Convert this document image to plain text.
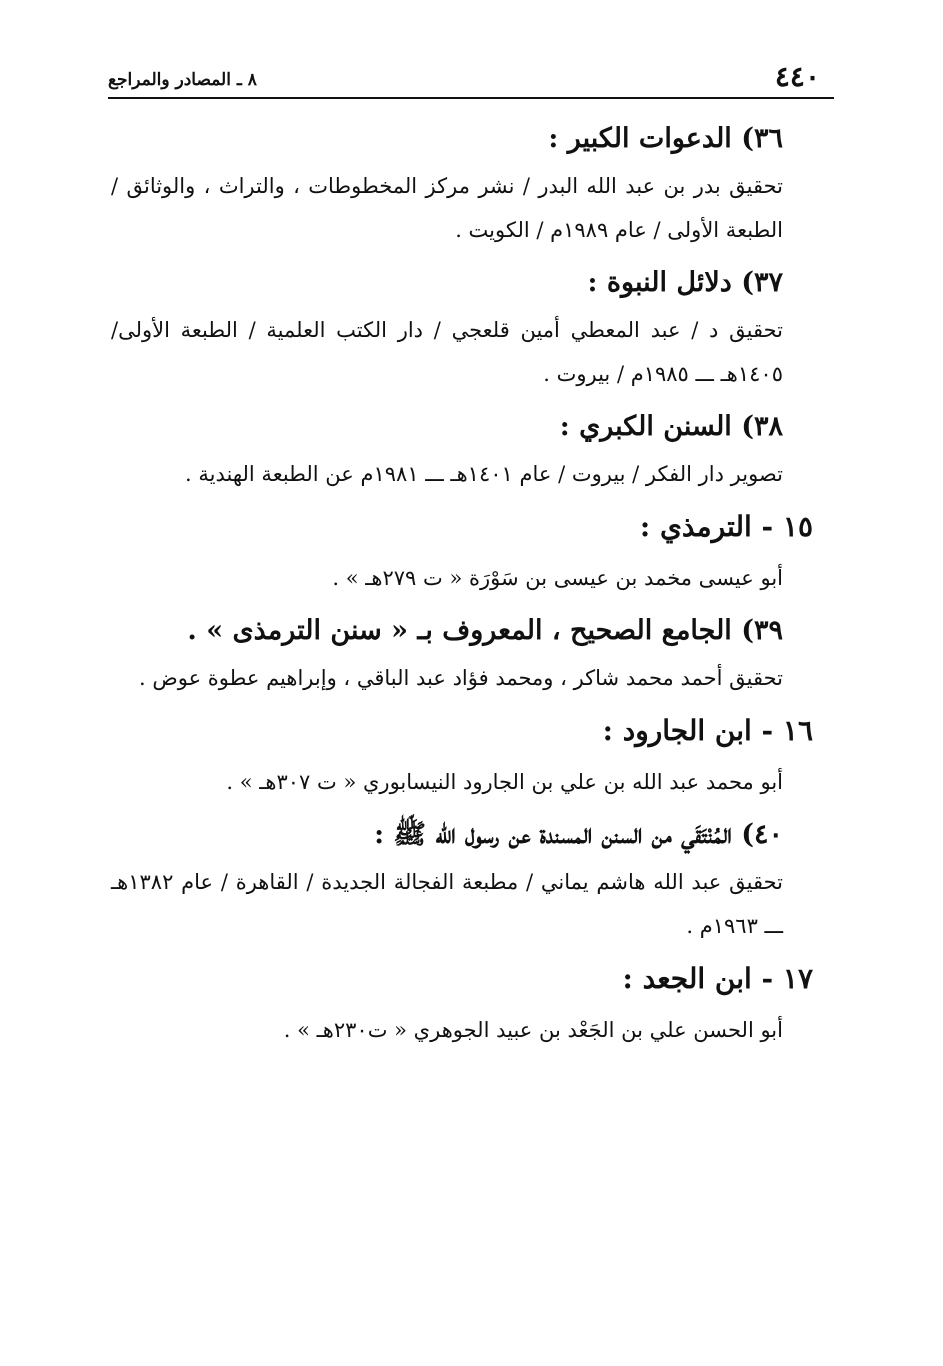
٤٤٠
٨ ـ المصادر والمراجع
٣٦) الدعوات الكبير :
تحقيق بدر بن عبد الله البدر / نشر مركز المخطوطات ، والتراث ، والوثائق / الطبعة الأولى / عام ١٩٨٩م / الكويت .
٣٧) دلائل النبوة :
تحقيق د / عبد المعطي أمين قلعجي / دار الكتب العلمية / الطبعة الأولى/ ١٤٠٥هـ ـــ ١٩٨٥م / بيروت .
٣٨) السنن الكبري :
تصوير دار الفكر / بيروت / عام ١٤٠١هـ ـــ ١٩٨١م عن الطبعة الهندية .
١٥ - الترمذي :
أبو عيسى مخمد بن عيسى بن سَوْرَة « ت ٢٧٩هـ » .
٣٩) الجامع الصحيح ، المعروف بـ « سنن الترمذى » .
تحقيق أحمد محمد شاكر ، ومحمد فؤاد عبد الباقي ، وإبراهيم عطوة عوض .
١٦ - ابن الجارود :
أبو محمد عبد الله بن علي بن الجارود النيسابوري « ت ٣٠٧هـ » .
٤٠) المُنْتَقَي من السنن المسندة عن رسول الله ﷺ :
تحقيق عبد الله هاشم يماني / مطبعة الفجالة الجديدة / القاهرة / عام ١٣٨٢هـ ـــ ١٩٦٣م .
١٧ - ابن الجعد :
أبو الحسن علي بن الجَعْد بن عبيد الجوهري « ت٢٣٠هـ » .
